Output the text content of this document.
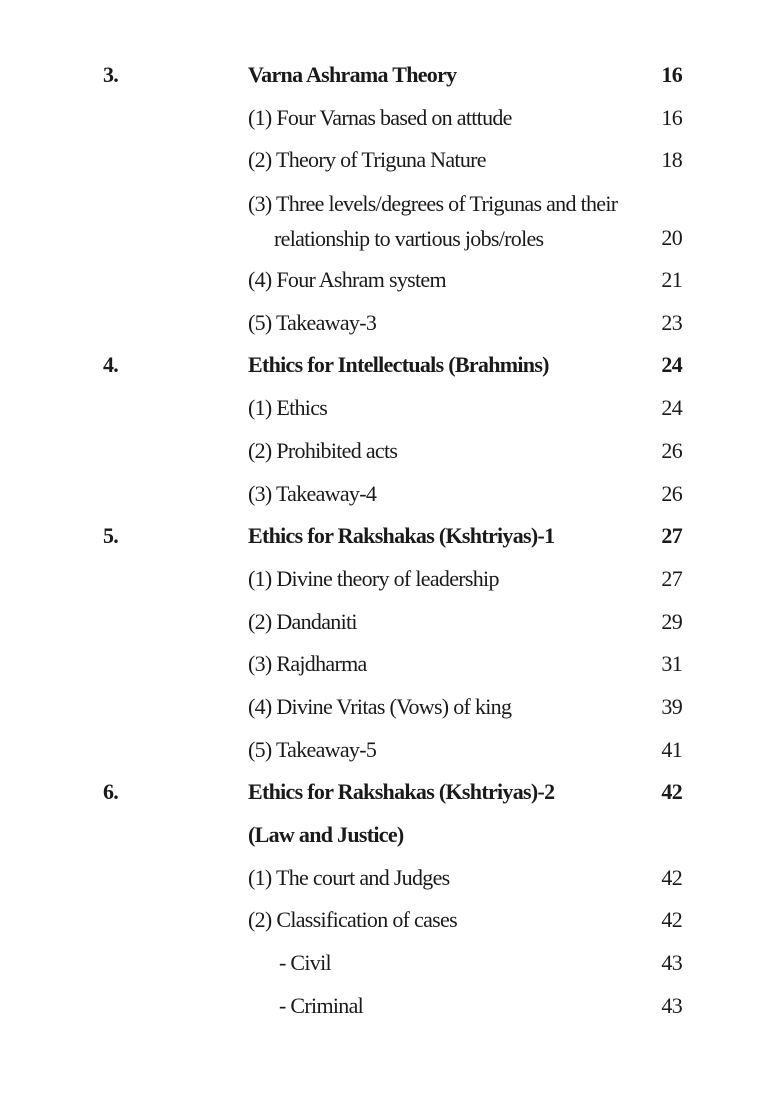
3.	Varna Ashrama Theory	16
(1) Four Varnas based on atttude	16
(2) Theory of Triguna Nature	18
(3) Three levels/degrees of Trigunas and their
relationship to vartious jobs/roles	20
(4) Four Ashram system	21
(5) Takeaway-3	23
4.	Ethics for Intellectuals (Brahmins)	24
(1) Ethics	24
(2) Prohibited acts	26
(3) Takeaway-4	26
5.	Ethics for Rakshakas (Kshtriyas)-1	27
(1) Divine theory of leadership	27
(2) Dandaniti	29
(3) Rajdharma	31
(4) Divine Vritas (Vows) of king	39
(5) Takeaway-5	41
6.	Ethics for Rakshakas (Kshtriyas)-2	42
(Law and Justice)
(1) The court and Judges	42
(2) Classification of cases	42
- Civil	43
- Criminal	43
